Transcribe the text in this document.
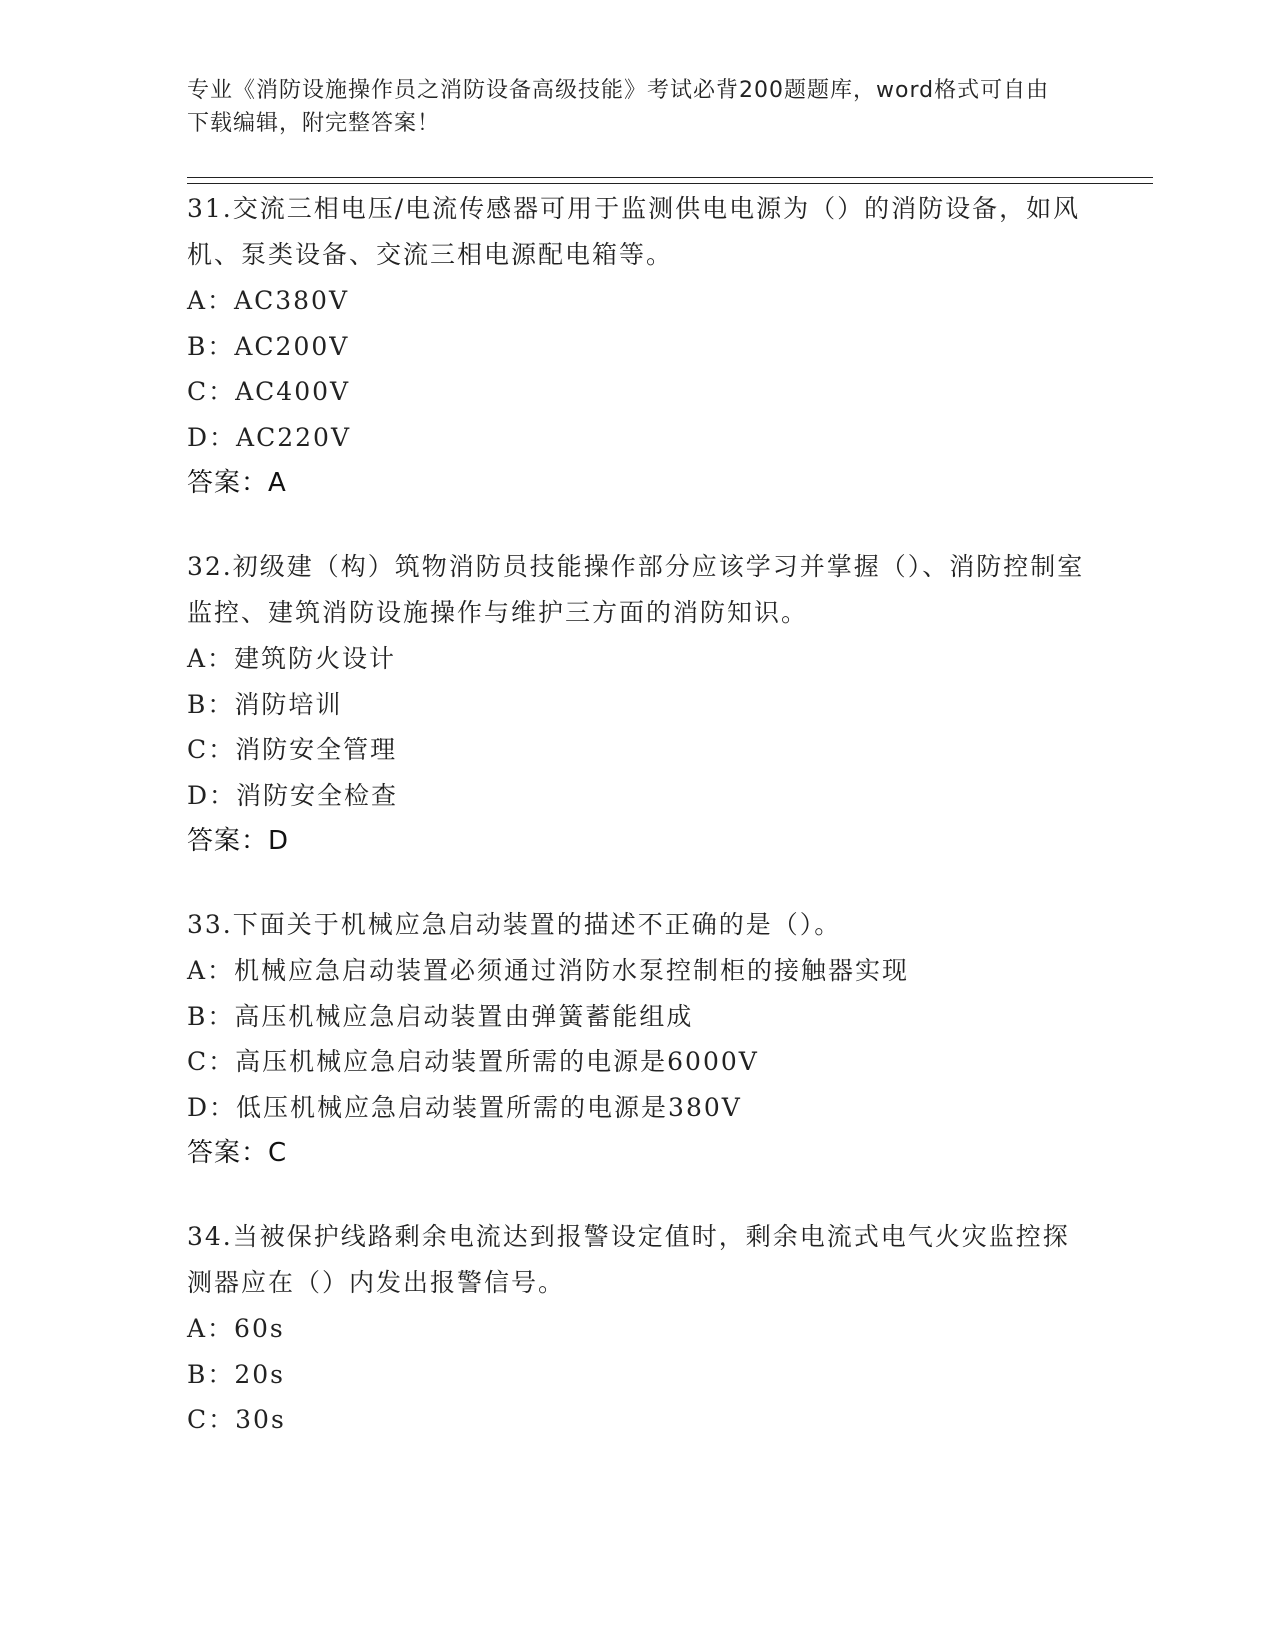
专业《消防设施操作员之消防设备高级技能》考试必背200题题库，word格式可自由下载编辑，附完整答案！

31.交流三相电压/电流传感器可用于监测供电电源为（）的消防设备，如风机、泵类设备、交流三相电源配电箱等。

A：AC380V

B：AC200V

C：AC400V

D：AC220V

答案：A

32.初级建（构）筑物消防员技能操作部分应该学习并掌握（）、消防控制室监控、建筑消防设施操作与维护三方面的消防知识。

A：建筑防火设计

B：消防培训

C：消防安全管理

D：消防安全检查

答案：D

33.下面关于机械应急启动装置的描述不正确的是（）。

A：机械应急启动装置必须通过消防水泵控制柜的接触器实现

B：高压机械应急启动装置由弹簧蓄能组成

C：高压机械应急启动装置所需的电源是6000V

D：低压机械应急启动装置所需的电源是380V

答案：C

34.当被保护线路剩余电流达到报警设定值时，剩余电流式电气火灾监控探测器应在（）内发出报警信号。

A：60s

B：20s

C：30s
